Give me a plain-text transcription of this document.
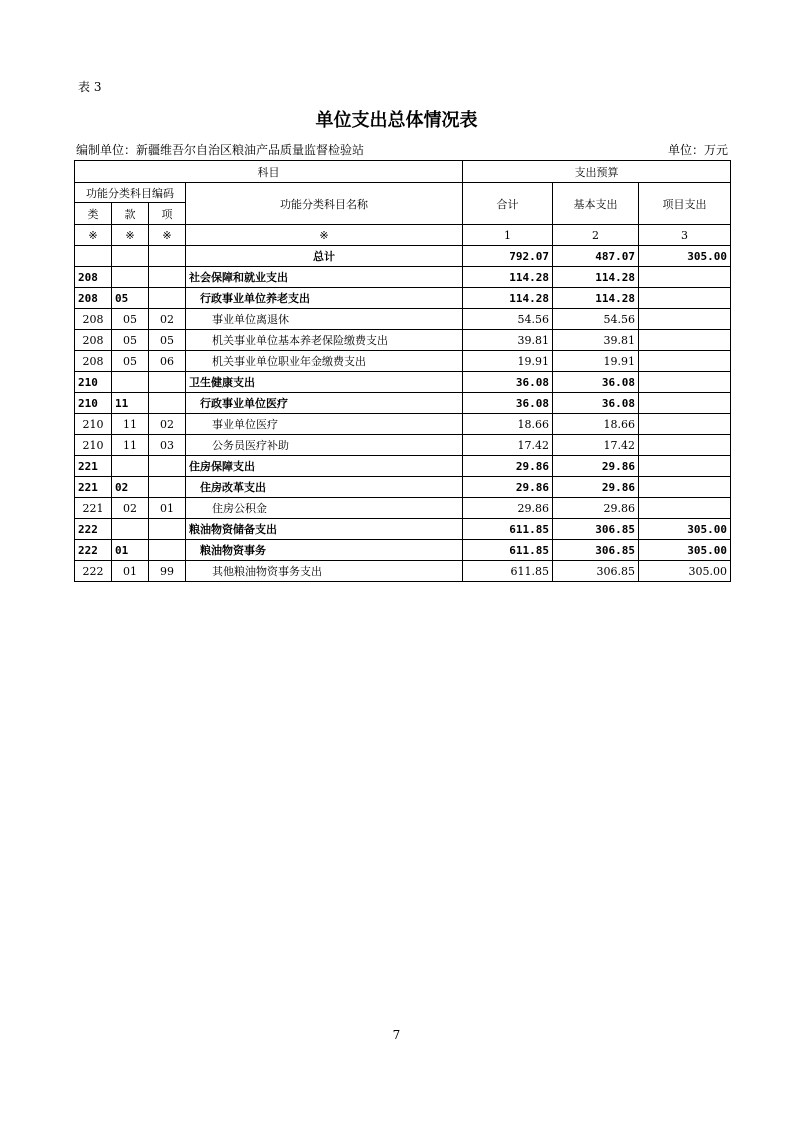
表 3
单位支出总体情况表
编制单位：新疆维吾尔自治区粮油产品质量监督检验站	单位：万元
科目				支出预算		
功能分类科目编码			功能分类科目名称	合计	基本支出	项目支出
类	款	项				
※	※	※	※	1	2	3
			总计	792.07	487.07	305.00
208			社会保障和就业支出	114.28	114.28	
208	05		行政事业单位养老支出	114.28	114.28	
208	05	02	事业单位离退休	54.56	54.56	
208	05	05	机关事业单位基本养老保险缴费支出	39.81	39.81	
208	05	06	机关事业单位职业年金缴费支出	19.91	19.91	
210			卫生健康支出	36.08	36.08	
210	11		行政事业单位医疗	36.08	36.08	
210	11	02	事业单位医疗	18.66	18.66	
210	11	03	公务员医疗补助	17.42	17.42	
221			住房保障支出	29.86	29.86	
221	02		住房改革支出	29.86	29.86	
221	02	01	住房公积金	29.86	29.86	
222			粮油物资储备支出	611.85	306.85	305.00
222	01		粮油物资事务	611.85	306.85	305.00
222	01	99	其他粮油物资事务支出	611.85	306.85	305.00
7
